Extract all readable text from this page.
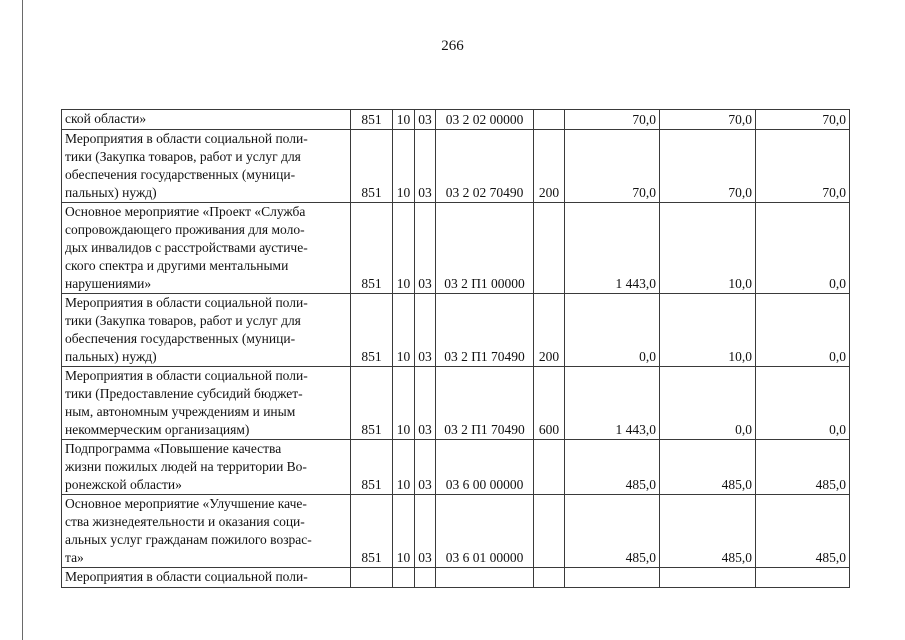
266
ской области»	851	10	03	03 2 02 00000		70,0	70,0	70,0

Мероприятия в области социальной поли-
тики (Закупка товаров, работ и услуг для
обеспечения государственных (муници-
пальных) нужд)	851	10	03	03 2 02 70490	200	70,0	70,0	70,0

Основное мероприятие «Проект «Служба
сопровождающего проживания для моло-
дых инвалидов с расстройствами аустиче-
ского спектра и другими ментальными
нарушениями»	851	10	03	03 2 П1 00000		1 443,0	10,0	0,0

Мероприятия в области социальной поли-
тики (Закупка товаров, работ и услуг для
обеспечения государственных (муници-
пальных) нужд)	851	10	03	03 2 П1 70490	200	0,0	10,0	0,0

Мероприятия в области социальной поли-
тики (Предоставление субсидий бюджет-
ным, автономным учреждениям и иным
некоммерческим организациям)	851	10	03	03 2 П1 70490	600	1 443,0	0,0	0,0

Подпрограмма «Повышение качества
жизни пожилых людей на территории Во-
ронежской области»	851	10	03	03 6 00 00000		485,0	485,0	485,0

Основное мероприятие «Улучшение каче-
ства жизнедеятельности и оказания соци-
альных услуг гражданам пожилого возрас-
та»	851	10	03	03 6 01 00000		485,0	485,0	485,0

Мероприятия в области социальной поли-								
